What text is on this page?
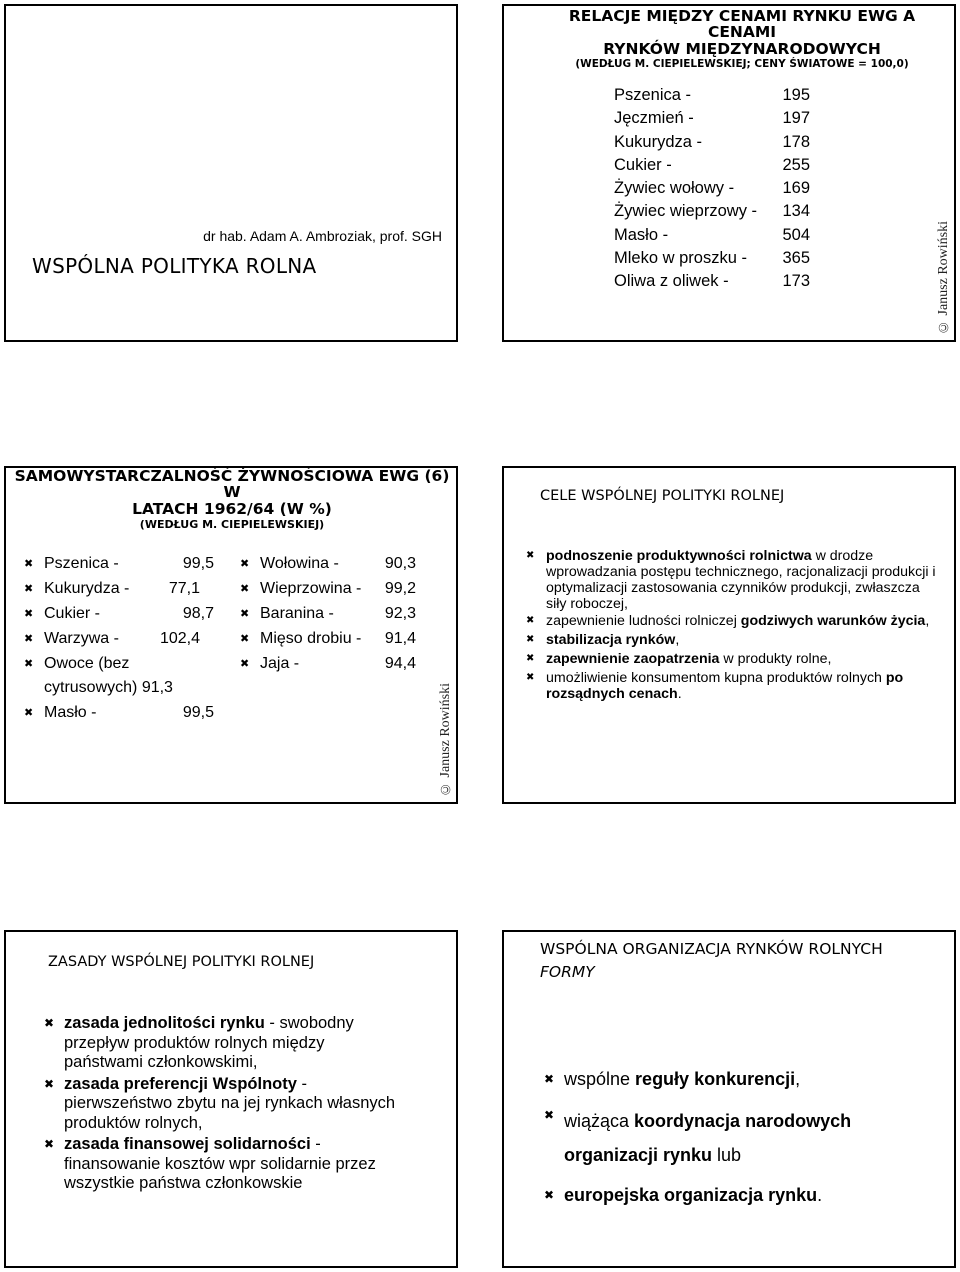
dr hab. Adam A. Ambroziak, prof. SGH
WSPÓLNA POLITYKA ROLNA
RELACJE MIĘDZY CENAMI RYNKU EWG A CENAMI
RYNKÓW MIĘDZYNARODOWYCH
(WEDŁUG M. CIEPIELEWSKIEJ; CENY ŚWIATOWE = 100,0)
Pszenica -	195
Jęczmień -	197
Kukurydza -	178
Cukier -	255
Żywiec wołowy -	169
Żywiec wieprzowy - 134
Masło -	504
Mleko w proszku - 365
Oliwa z oliwek -	173	© Janusz Rowiński
SAMOWYSTARCZALNOŚĆ ŻYWNOŚCIOWA EWG (6) W
LATACH 1962/64 (W %)
(WEDŁUG M. CIEPIELEWSKIEJ)
✖ Pszenica -	99,5
✖ Kukurydza - 77,1
✖ Cukier -	98,7
✖ Warzywa -	102,4
✖ Owoce (bez cytrusowych) 91,3
✖ Masło -	99,5
✖ Wołowina -	90,3
✖ Wieprzowina - 99,2
✖ Baranina -	92,3
✖ Mięso drobiu - 91,4
✖ Jaja -	94,4
© Janusz Rowiński
CELE WSPÓLNEJ POLITYKI ROLNEJ
✖ podnoszenie produktywności rolnictwa w drodze wprowadzania postępu technicznego, racjonalizacji produkcji i optymalizacji zastosowania czynników produkcji, zwłaszcza siły roboczej,
✖ zapewnienie ludności rolniczej godziwych warunków życia,
✖ stabilizacja rynków,
✖ zapewnienie zaopatrzenia w produkty rolne,
✖ umożliwienie konsumentom kupna produktów rolnych po rozsądnych cenach.
ZASADY WSPÓLNEJ POLITYKI ROLNEJ
✖ zasada jednolitości rynku - swobodny przepływ produktów rolnych między państwami członkowskimi,
✖ zasada preferencji Wspólnoty - pierwszeństwo zbytu na jej rynkach własnych produktów rolnych,
✖ zasada finansowej solidarności - finansowanie kosztów wpr solidarnie przez wszystkie państwa członkowskie
WSPÓLNA ORGANIZACJA RYNKÓW ROLNYCH
FORMY
✖ wspólne reguły konkurencji,
✖ wiążąca koordynacja narodowych organizacji rynku lub
✖ europejska organizacja rynku.
